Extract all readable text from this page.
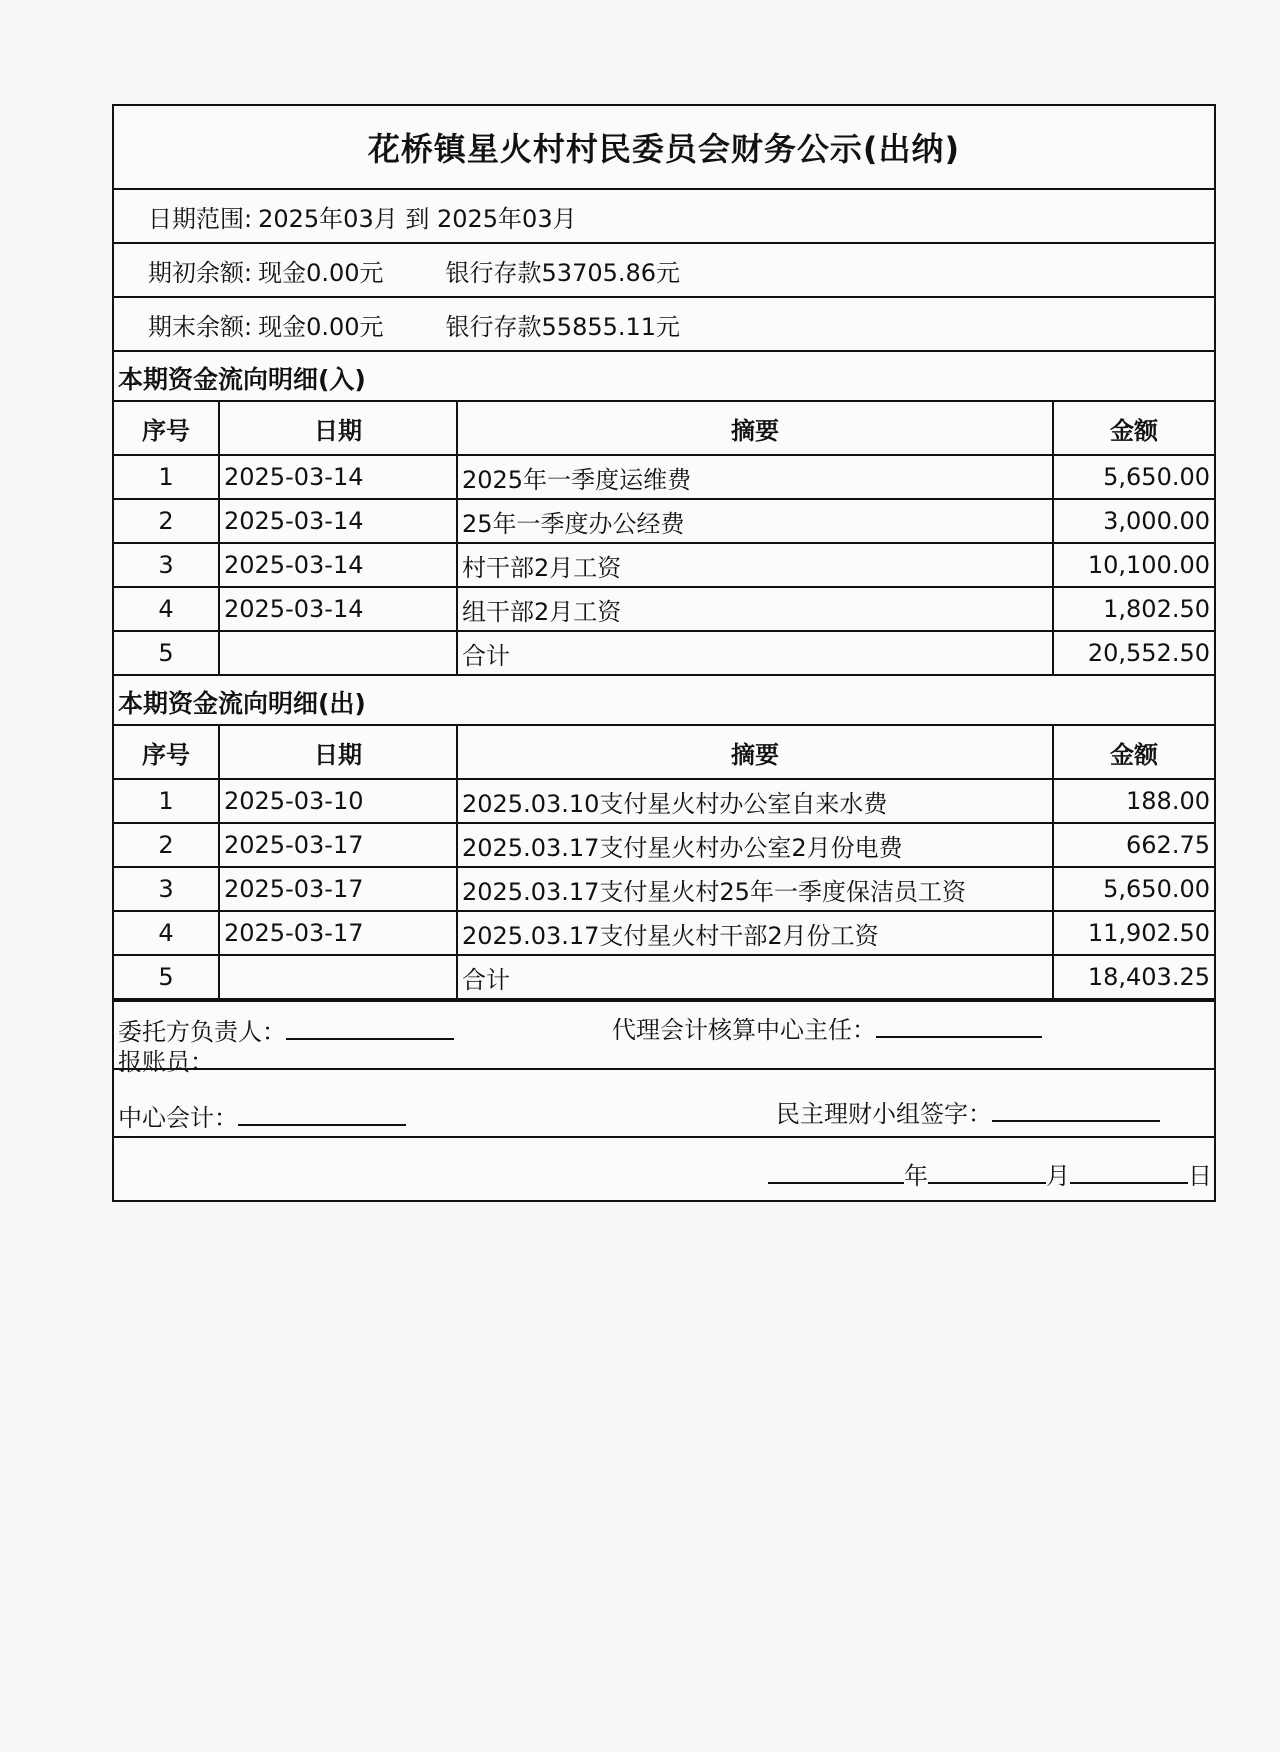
花桥镇星火村村民委员会财务公示(出纳)
日期范围: 2025年03月 到 2025年03月
期初余额: 现金0.00元	银行存款53705.86元
期末余额: 现金0.00元	银行存款55855.11元
本期资金流向明细(入)
序号	日期	摘要	金额
1	2025-03-14	2025年一季度运维费	5,650.00
2	2025-03-14	25年一季度办公经费	3,000.00
3	2025-03-14	村干部2月工资	10,100.00
4	2025-03-14	组干部2月工资	1,802.50
5		合计	20,552.50
本期资金流向明细(出)
序号	日期	摘要	金额
1	2025-03-10	2025.03.10支付星火村办公室自来水费	188.00
2	2025-03-17	2025.03.17支付星火村办公室2月份电费	662.75
3	2025-03-17	2025.03.17支付星火村25年一季度保洁员工资	5,650.00
4	2025-03-17	2025.03.17支付星火村干部2月份工资	11,902.50
5		合计	18,403.25
委托方负责人：	代理会计核算中心主任：
报账员：
中心会计：	民主理财小组签字：
年	月	日
